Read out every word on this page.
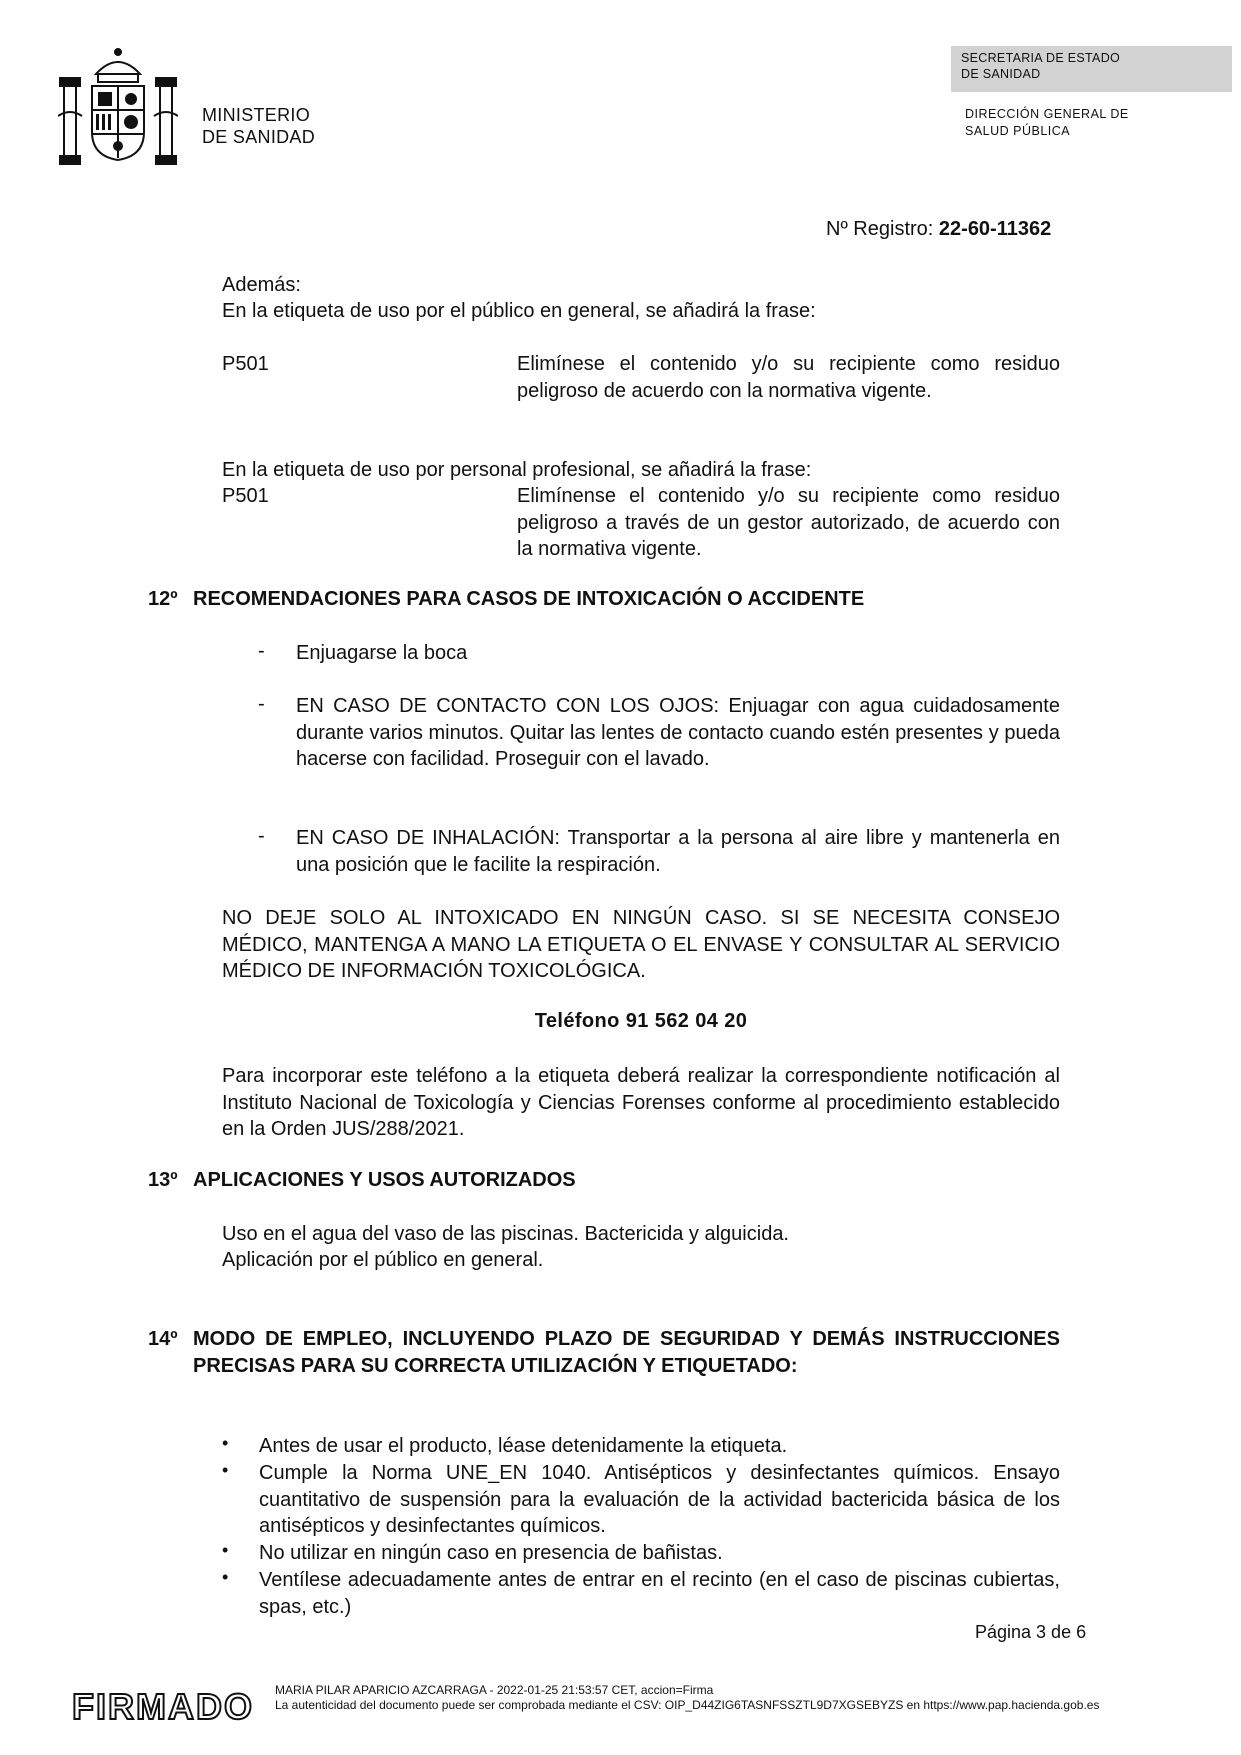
MINISTERIO
DE SANIDAD
SECRETARIA DE ESTADO
DE SANIDAD
DIRECCIÓN GENERAL DE
SALUD PÚBLICA
Nº Registro: 22-60-11362
Además:
En la etiqueta de uso por el público en general, se añadirá la frase:
P501	Elimínese el contenido y/o su recipiente como residuo peligroso de acuerdo con la normativa vigente.
En la etiqueta de uso por personal profesional, se añadirá la frase:
P501	Elimínense el contenido y/o su recipiente como residuo peligroso a través de un gestor autorizado, de acuerdo con la normativa vigente.
12º RECOMENDACIONES PARA CASOS DE INTOXICACIÓN O ACCIDENTE
- Enjuagarse la boca
- EN CASO DE CONTACTO CON LOS OJOS: Enjuagar con agua cuidadosamente durante varios minutos. Quitar las lentes de contacto cuando estén presentes y pueda hacerse con facilidad. Proseguir con el lavado.
- EN CASO DE INHALACIÓN: Transportar a la persona al aire libre y mantenerla en una posición que le facilite la respiración.
NO DEJE SOLO AL INTOXICADO EN NINGÚN CASO. SI SE NECESITA CONSEJO MÉDICO, MANTENGA A MANO LA ETIQUETA O EL ENVASE Y CONSULTAR AL SERVICIO MÉDICO DE INFORMACIÓN TOXICOLÓGICA.
Teléfono 91 562 04 20
Para incorporar este teléfono a la etiqueta deberá realizar la correspondiente notificación al Instituto Nacional de Toxicología y Ciencias Forenses conforme al procedimiento establecido en la Orden JUS/288/2021.
13º APLICACIONES Y USOS AUTORIZADOS
Uso en el agua del vaso de las piscinas. Bactericida y alguicida.
Aplicación por el público en general.
14º MODO DE EMPLEO, INCLUYENDO PLAZO DE SEGURIDAD Y DEMÁS INSTRUCCIONES PRECISAS PARA SU CORRECTA UTILIZACIÓN Y ETIQUETADO:
• Antes de usar el producto, léase detenidamente la etiqueta.
• Cumple la Norma UNE_EN 1040. Antisépticos y desinfectantes químicos. Ensayo cuantitativo de suspensión para la evaluación de la actividad bactericida básica de los antisépticos y desinfectantes químicos.
• No utilizar en ningún caso en presencia de bañistas.
• Ventílese adecuadamente antes de entrar en el recinto (en el caso de piscinas cubiertas, spas, etc.)
Página 3 de 6
FIRMADO MARIA PILAR APARICIO AZCARRAGA - 2022-01-25 21:53:57 CET, accion=Firma
La autenticidad del documento puede ser comprobada mediante el CSV: OIP_D44ZIG6TASNFSSZTL9D7XGSEBYZS en https://www.pap.hacienda.gob.es
